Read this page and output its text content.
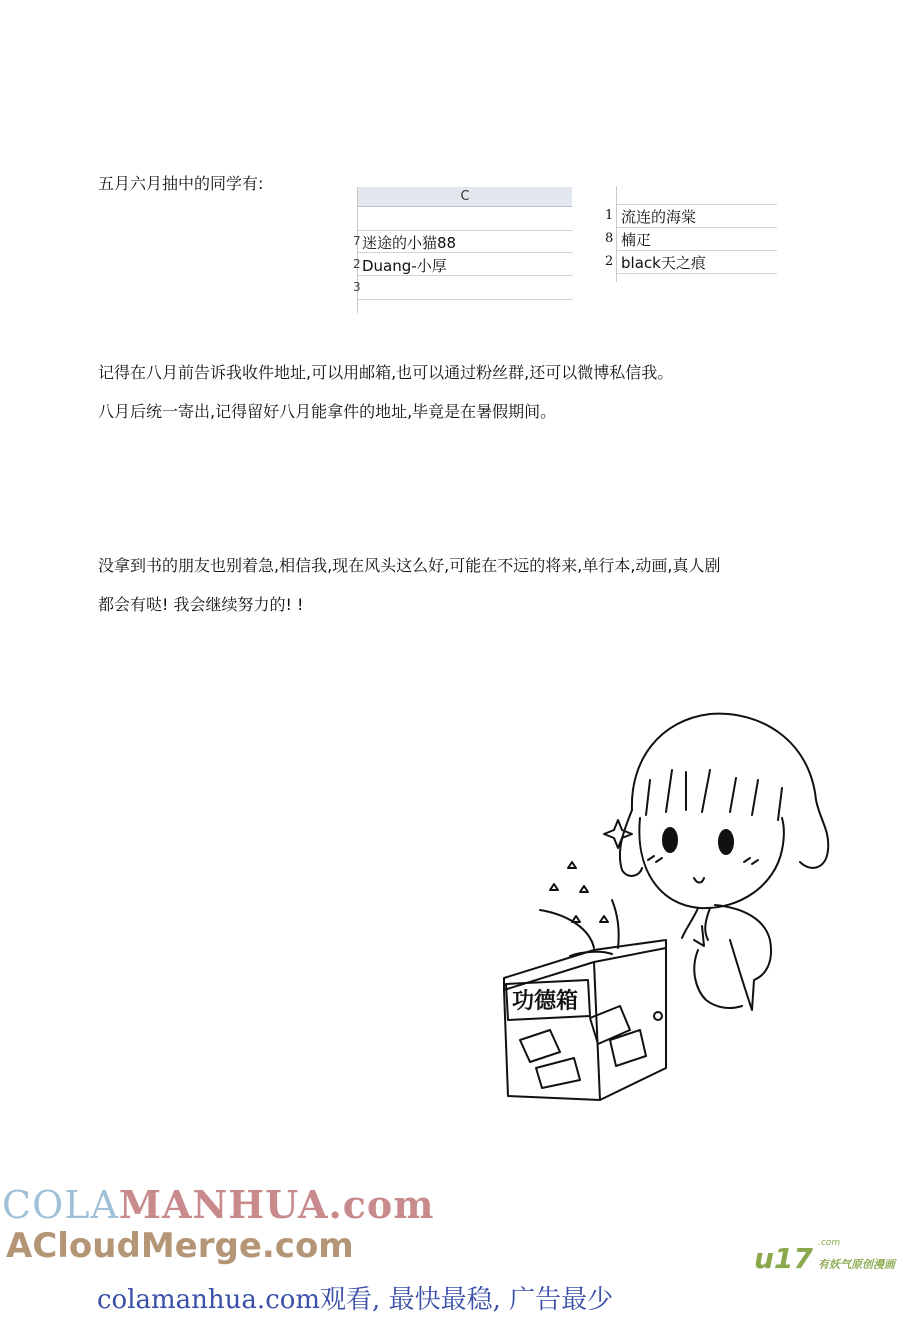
五月六月抽中的同学有:
C
7 迷途的小猫88
2 Duang-小厚
3
1 流连的海棠
8 楠疋
2 black天之痕
记得在八月前告诉我收件地址,可以用邮箱,也可以通过粉丝群,还可以微博私信我。
八月后统一寄出,记得留好八月能拿件的地址,毕竟是在暑假期间。
没拿到书的朋友也别着急,相信我,现在风头这么好,可能在不远的将来,单行本,动画,真人剧
都会有哒! 我会继续努力的! !
功德箱
COLAMANHUA.com
ACloudMerge.com	u17 .com
有妖气原创漫画
colamanhua.com观看, 最快最稳, 广告最少
